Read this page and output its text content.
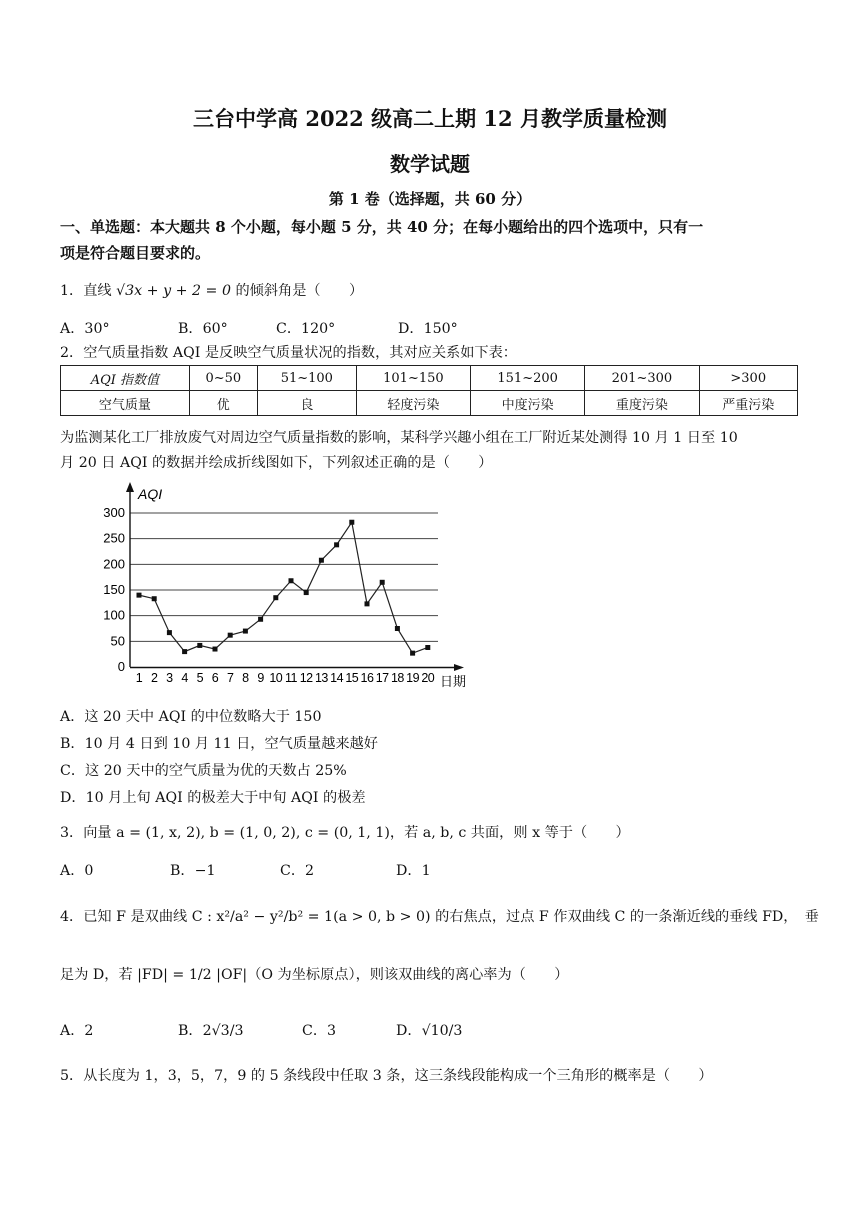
三台中学高 2022 级高二上期 12 月教学质量检测
数学试题
第 1 卷（选择题，共 60 分）
一、单选题：本大题共 8 个小题，每小题 5 分，共 40 分；在每小题给出的四个选项中，只有一
项是符合题目要求的。
1．直线 √3x + y + 2 = 0 的倾斜角是（　　）
A．30°	B．60°	C．120°	D．150°
2．空气质量指数 AQI 是反映空气质量状况的指数，其对应关系如下表：
AQI 指数值	0~50	51~100	101~150	151~200	201~300	>300
空气质量	优	良	轻度污染	中度污染	重度污染	严重污染
为监测某化工厂排放废气对周边空气质量指数的影响，某科学兴趣小组在工厂附近某处测得 10 月 1 日至 10
月 20 日 AQI 的数据并绘成折线图如下，下列叙述正确的是（　　）
AQI
日期
0
50
100
150
200
250
300
1 2 3 4 5 6 7 8 9 10 11 12 13 14 15 16 17 18 19 20
A．这 20 天中 AQI 的中位数略大于 150
B．10 月 4 日到 10 月 11 日，空气质量越来越好
C．这 20 天中的空气质量为优的天数占 25%
D．10 月上旬 AQI 的极差大于中旬 AQI 的极差
3．向量 a = (1, x, 2), b = (1, 0, 2), c = (0, 1, 1)，若 a, b, c 共面，则 x 等于（　　）
A．0	B．−1	C．2	D．1
4．已知 F 是双曲线 C : x²/a² − y²/b² = 1(a > 0, b > 0) 的右焦点，过点 F 作双曲线 C 的一条渐近线的垂线 FD，　垂
足为 D，若 |FD| = 1/2 |OF|（O 为坐标原点），则该双曲线的离心率为（　　）
A．2	B．2√3/3	C．3	D．√10/3
5．从长度为 1，3，5，7，9 的 5 条线段中任取 3 条，这三条线段能构成一个三角形的概率是（　　）
